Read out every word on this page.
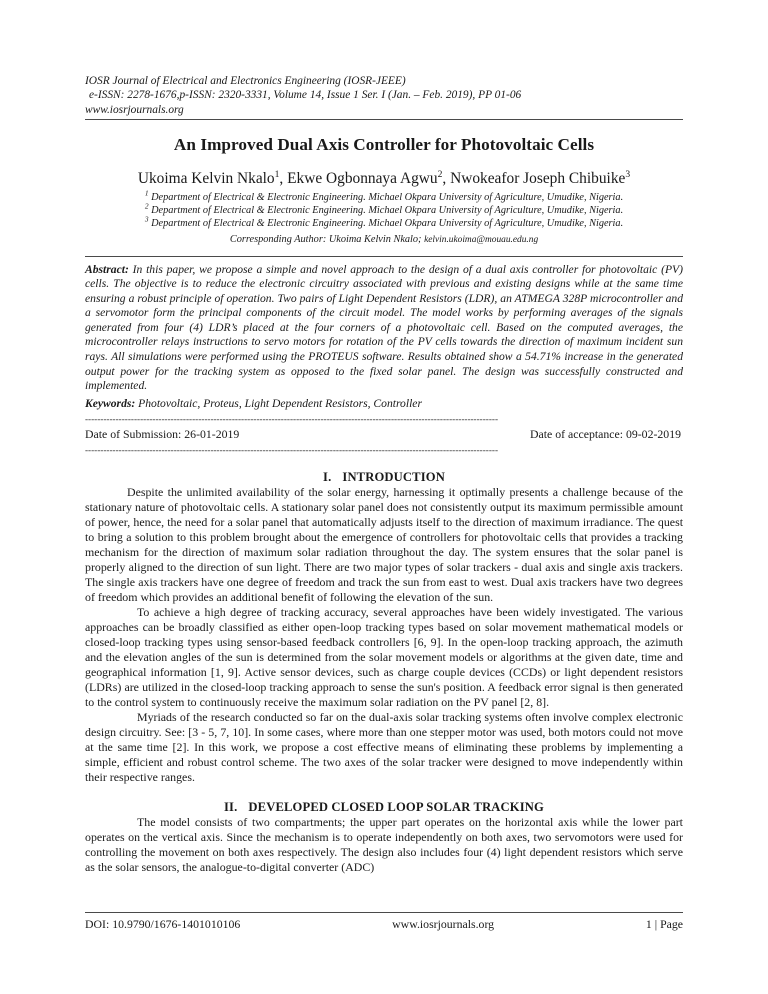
IOSR Journal of Electrical and Electronics Engineering (IOSR-JEEE)
e-ISSN: 2278-1676,p-ISSN: 2320-3331, Volume 14, Issue 1 Ser. I (Jan. – Feb. 2019), PP 01-06
www.iosrjournals.org
An Improved Dual Axis Controller for Photovoltaic Cells
Ukoima Kelvin Nkalo$^1$, Ekwe Ogbonnaya Agwu$^2$, Nwokeafor Joseph Chibuike$^3$

$^1$ Department of Electrical & Electronic Engineering. Michael Okpara University of Agriculture, Umudike, Nigeria.

$^2$ Department of Electrical & Electronic Engineering. Michael Okpara University of Agriculture, Umudike, Nigeria.

$^3$ Department of Electrical & Electronic Engineering. Michael Okpara University of Agriculture, Umudike, Nigeria.

Corresponding Author: Ukoima Kelvin Nkalo; kelvin.ukoima@mouau.edu.ng
Abstract: In this paper, we propose a simple and novel approach to the design of a dual axis controller for photovoltaic (PV) cells. The objective is to reduce the electronic circuitry associated with previous and existing designs while at the same time ensuring a robust principle of operation. Two pairs of Light Dependent Resistors (LDR), an ATMEGA 328P microcontroller and a servomotor form the principal components of the circuit model. The model works by performing averages of the signals generated from four (4) LDR’s placed at the four corners of a photovoltaic cell. Based on the computed averages, the microcontroller relays instructions to servo motors for rotation of the PV cells towards the direction of maximum incident sun rays. All simulations were performed using the PROTEUS software. Results obtained show a 54.71% increase in the generated output power for the tracking system as opposed to the fixed solar panel. The design was successfully constructed and implemented.
Keywords: Photovoltaic, Proteus, Light Dependent Resistors, Controller
---------------------------------------------------------------------------------------------------------------------------------------
Date of Submission: 26-01-2019	Date of acceptance: 09-02-2019
---------------------------------------------------------------------------------------------------------------------------------------
I. INTRODUCTION

Despite the unlimited availability of the solar energy, harnessing it optimally presents a challenge because of the stationary nature of photovoltaic cells. A stationary solar panel does not consistently output its maximum permissible amount of power, hence, the need for a solar panel that automatically adjusts itself to the direction of maximum irradiance. The quest to bring a solution to this problem brought about the emergence of controllers for photovoltaic cells that provides a tracking mechanism for the direction of maximum solar radiation throughout the day. The system ensures that the solar panel is properly aligned to the direction of sun light. There are two major types of solar trackers - dual axis and single axis trackers. The single axis trackers have one degree of freedom and track the sun from east to west. Dual axis trackers have two degrees of freedom which provides an additional benefit of following the elevation of the sun.

To achieve a high degree of tracking accuracy, several approaches have been widely investigated. The various approaches can be broadly classified as either open-loop tracking types based on solar movement mathematical models or closed-loop tracking types using sensor-based feedback controllers [6, 9]. In the open-loop tracking approach, the azimuth and the elevation angles of the sun is determined from the solar movement models or algorithms at the given date, time and geographical information [1, 9]. Active sensor devices, such as charge couple devices (CCDs) or light dependent resistors (LDRs) are utilized in the closed-loop tracking approach to sense the sun's position. A feedback error signal is then generated to the control system to continuously receive the maximum solar radiation on the PV panel [2, 8].

Myriads of the research conducted so far on the dual-axis solar tracking systems often involve complex electronic design circuitry. See: [3 - 5, 7, 10]. In some cases, where more than one stepper motor was used, both motors could not move at the same time [2]. In this work, we propose a cost effective means of eliminating these problems by implementing a simple, efficient and robust control scheme. The two axes of the solar tracker were designed to move independently within their respective ranges.

II. DEVELOPED CLOSED LOOP SOLAR TRACKING

The model consists of two compartments; the upper part operates on the horizontal axis while the lower part operates on the vertical axis. Since the mechanism is to operate independently on both axes, two servomotors were used for controlling the movement on both axes respectively. The design also includes four (4) light dependent resistors which serve as the solar sensors, the analogue-to-digital converter (ADC)

DOI: 10.9790/1676-1401010106	www.iosrjournals.org	1 | Page
